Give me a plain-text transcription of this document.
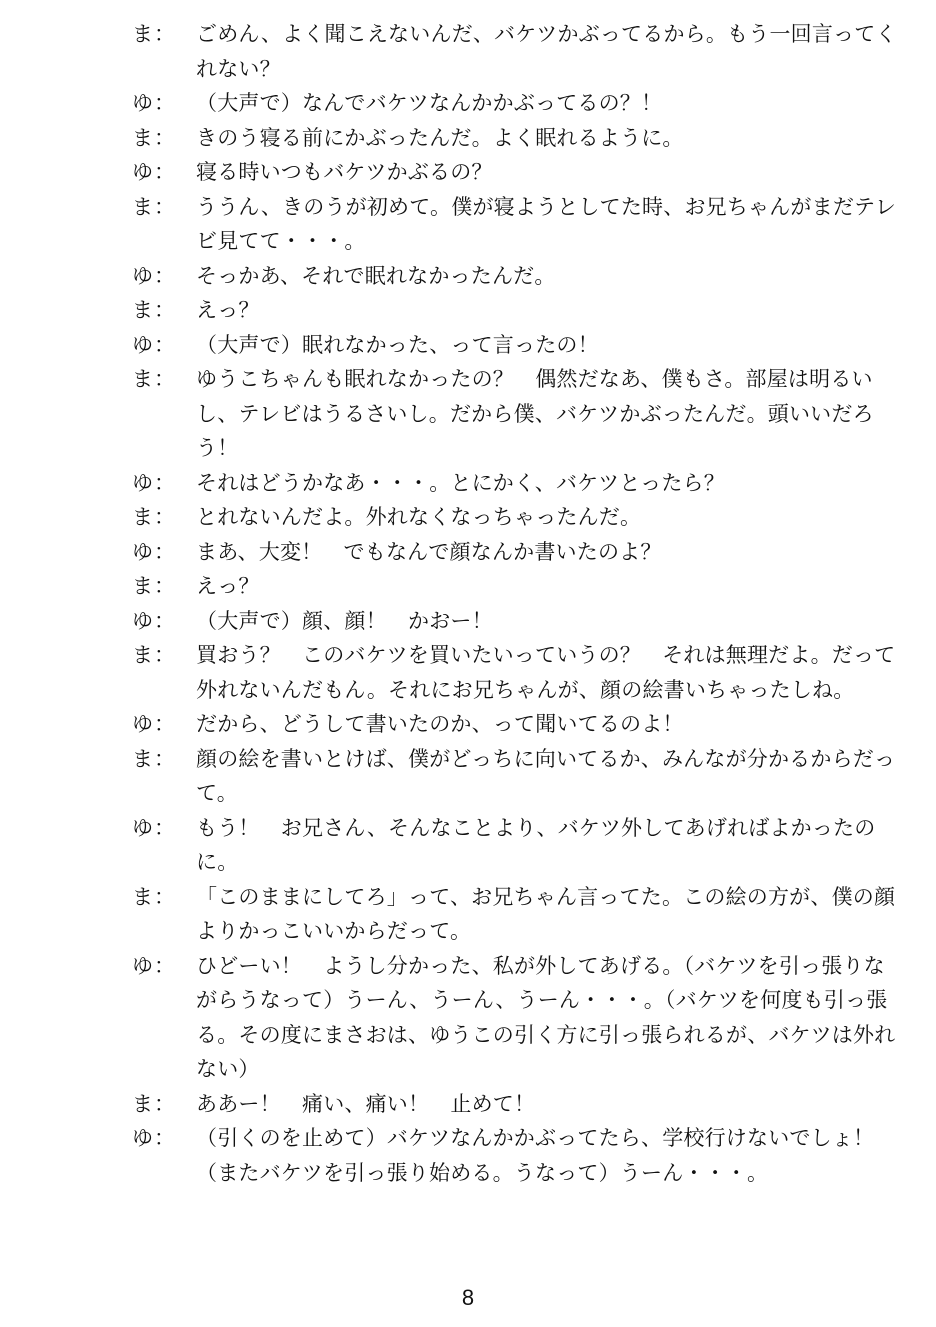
ま： ごめん、よく聞こえないんだ、バケツかぶってるから。もう一回言ってく
れない？
ゆ： （大声で）なんでバケツなんかかぶってるの？！
ま： きのう寝る前にかぶったんだ。よく眠れるように。
ゆ： 寝る時いつもバケツかぶるの？
ま： ううん、きのうが初めて。僕が寝ようとしてた時、お兄ちゃんがまだテレ
ビ見てて・・・。
ゆ： そっかあ、それで眠れなかったんだ。
ま： えっ？
ゆ： （大声で）眠れなかった、って言ったの！
ま： ゆうこちゃんも眠れなかったの？　偶然だなあ、僕もさ。部屋は明るい
し、テレビはうるさいし。だから僕、バケツかぶったんだ。頭いいだろ
う！
ゆ： それはどうかなあ・・・。とにかく、バケツとったら？
ま： とれないんだよ。外れなくなっちゃったんだ。
ゆ： まあ、大変！　でもなんで顔なんか書いたのよ？
ま： えっ？
ゆ： （大声で）顔、顔！　かおー！
ま： 買おう？　このバケツを買いたいっていうの？　それは無理だよ。だって
外れないんだもん。それにお兄ちゃんが、顔の絵書いちゃったしね。
ゆ： だから、どうして書いたのか、って聞いてるのよ！
ま： 顔の絵を書いとけば、僕がどっちに向いてるか、みんなが分かるからだっ
て。
ゆ： もう！　お兄さん、そんなことより、バケツ外してあげればよかったの
に。
ま： 「このままにしてろ」って、お兄ちゃん言ってた。この絵の方が、僕の顔
よりかっこいいからだって。
ゆ： ひどーい！　ようし分かった、私が外してあげる。（バケツを引っ張りな
がらうなって）うーん、うーん、うーん・・・。（バケツを何度も引っ張
る。その度にまさおは、ゆうこの引く方に引っ張られるが、バケツは外れ
ない）
ま： ああー！　痛い、痛い！　止めて！
ゆ： （引くのを止めて）バケツなんかかぶってたら、学校行けないでしょ！
（またバケツを引っ張り始める。うなって）うーん・・・。
8
